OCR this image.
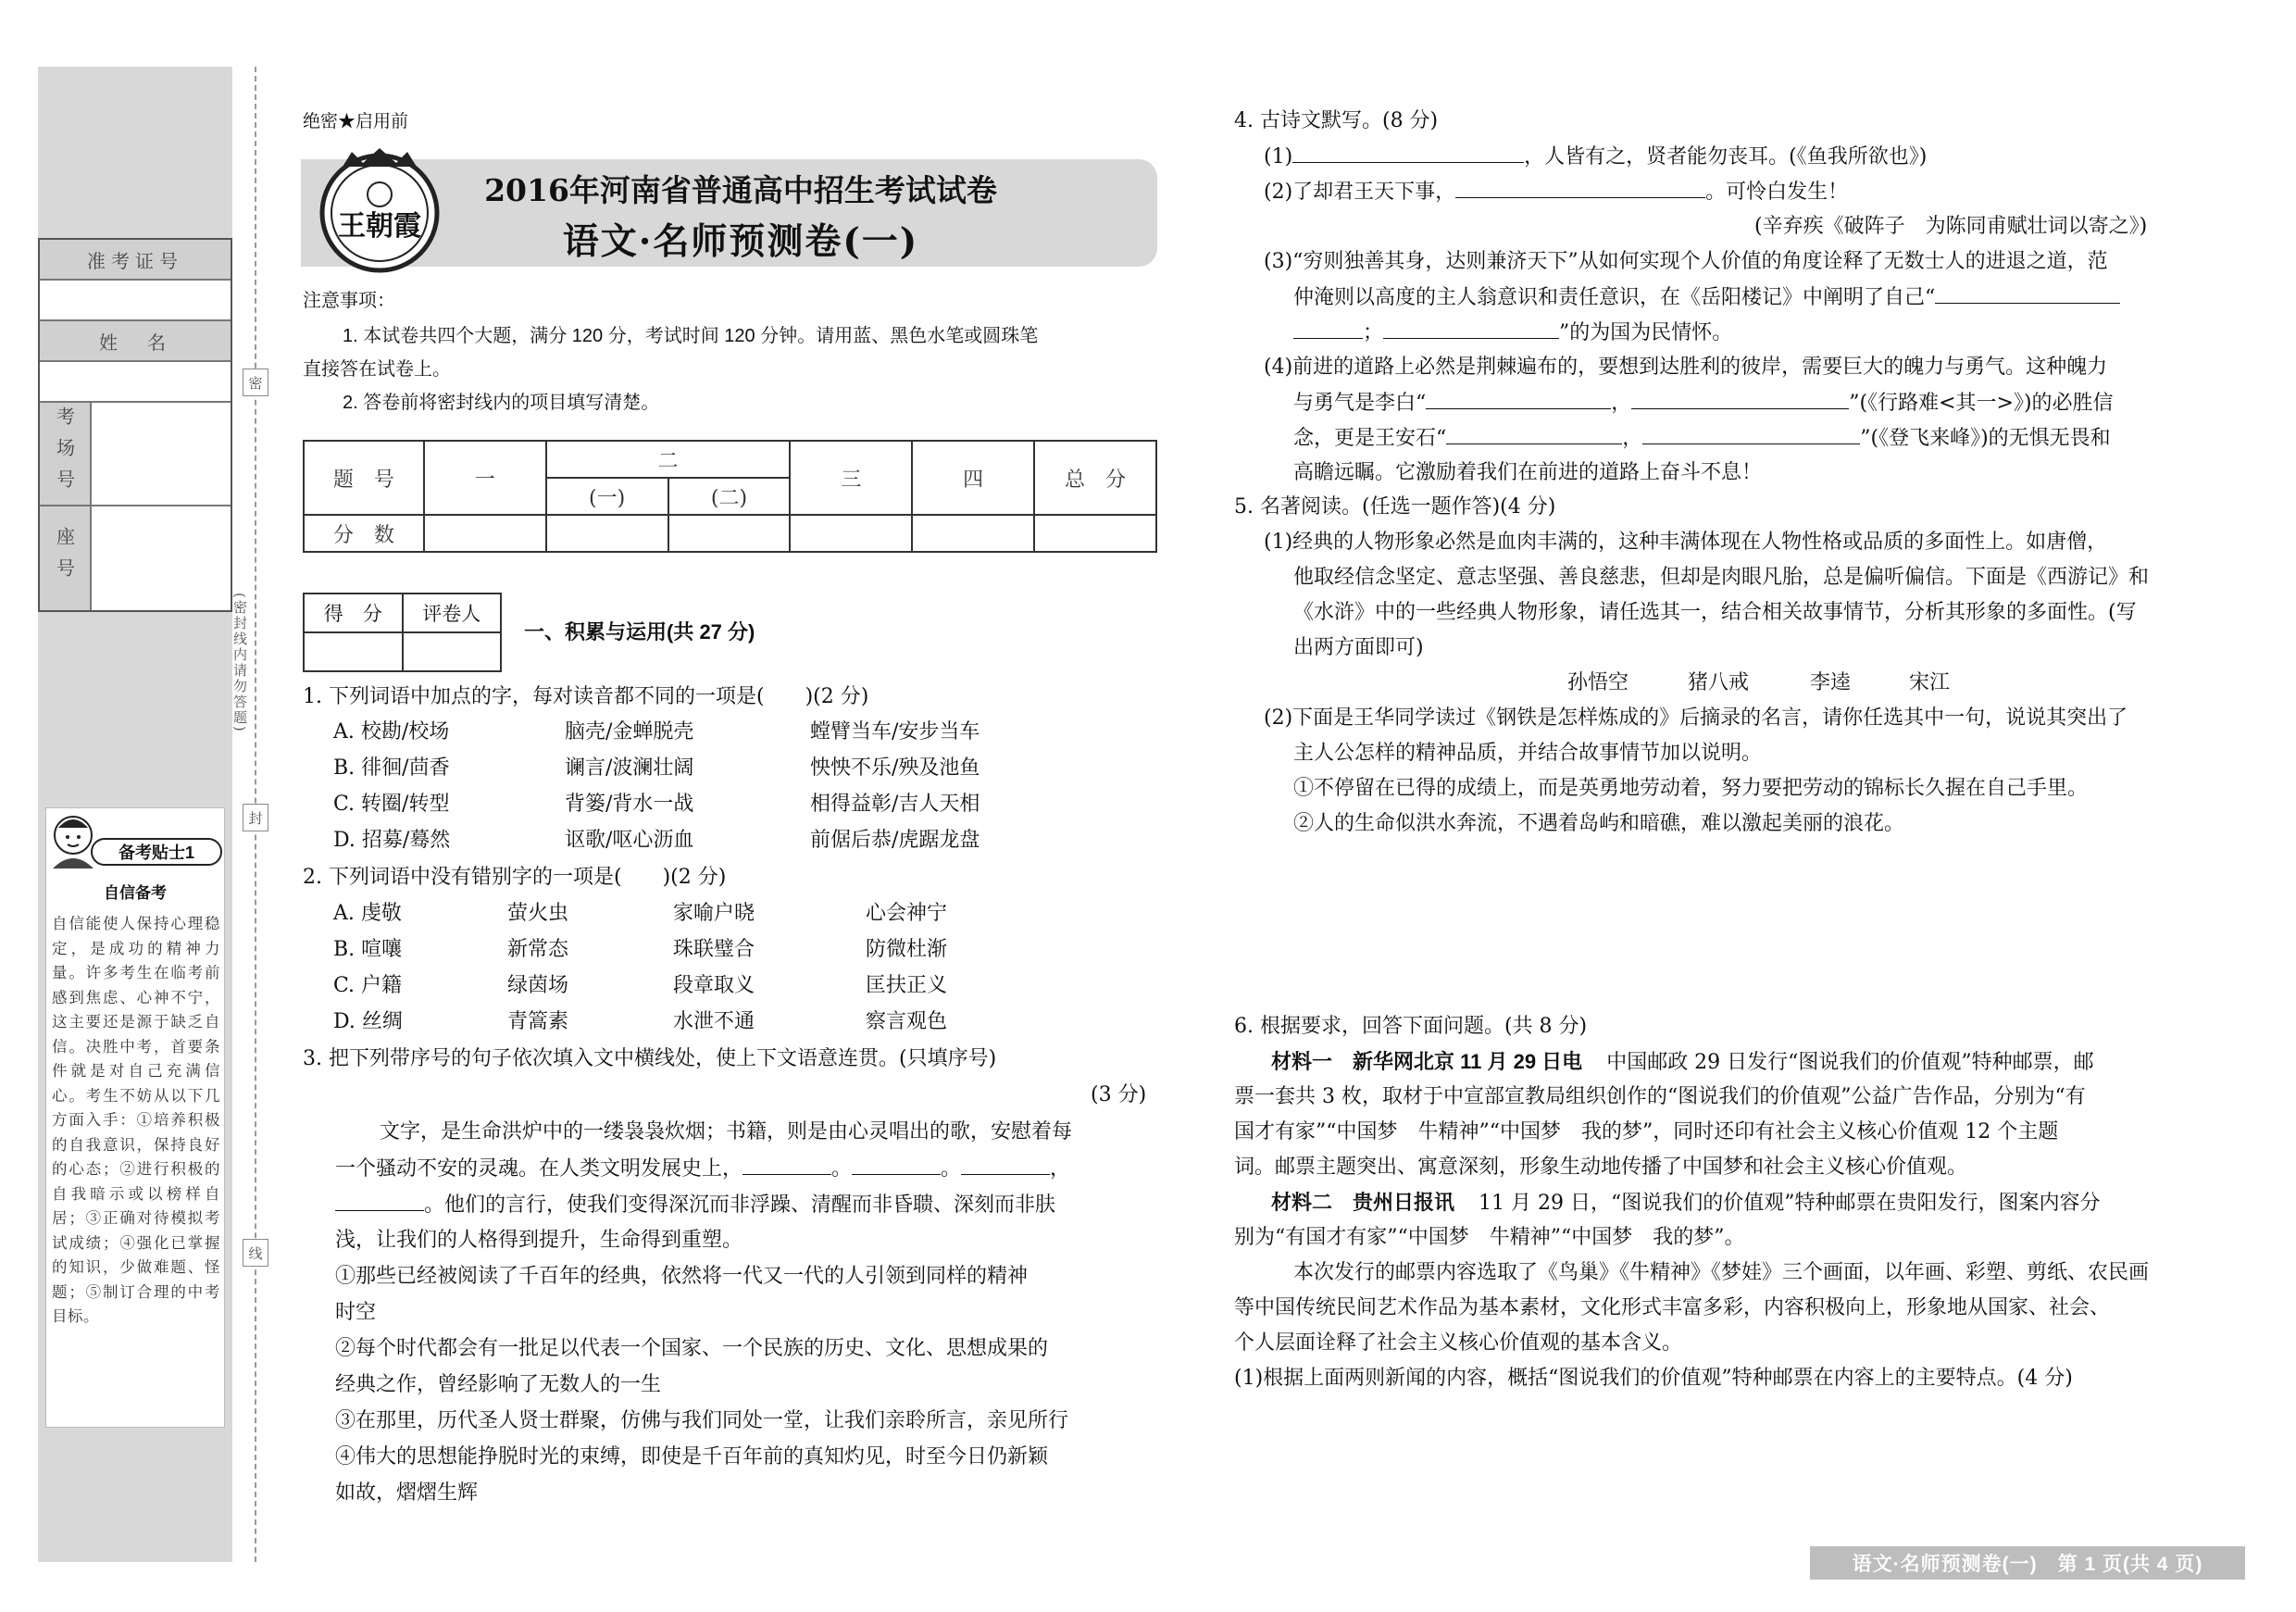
准考证号
姓　名
考场号
座号
密
封
线
(密封线内请勿答题)
备考贴士1
自信备考
自信能使人保持心理稳定，是成功的精神力量。许多考生在临考前感到焦虑、心神不宁，这主要还是源于缺乏自信。决胜中考，首要条件就是对自己充满信心。考生不妨从以下几方面入手：①培养积极的自我意识，保持良好的心态；②进行积极的自我暗示或以榜样自居；③正确对待模拟考试成绩；④强化已掌握的知识，少做难题、怪题；⑤制订合理的中考目标。
绝密★启用前
王朝霞
2016年河南省普通高中招生考试试卷
语文·名师预测卷(一)
注意事项：
1. 本试卷共四个大题，满分 120 分，考试时间 120 分钟。请用蓝、黑色水笔或圆珠笔
直接答在试卷上。
2. 答卷前将密封线内的项目填写清楚。
题　号	一	二		三	四	总　分
		(一)	(二)			
分　数						
得　分	评卷人

一、积累与运用(共 27 分)
1. 下列词语中加点的字，每对读音都不同的一项是(　　)(2 分)
A. 校勘/校场	脑壳/金蝉脱壳	螳臂当车/安步当车
B. 徘徊/茴香	谰言/波澜壮阔	怏怏不乐/殃及池鱼
C. 转圈/转型	背篓/背水一战	相得益彰/吉人天相
D. 招募/蓦然	讴歌/呕心沥血	前倨后恭/虎踞龙盘
2. 下列词语中没有错别字的一项是(　　)(2 分)
A. 虔敬	萤火虫	家喻户晓	心会神宁
B. 喧嚷	新常态	珠联璧合	防微杜渐
C. 户籍	绿茵场	段章取义	匡扶正义
D. 丝绸	青篙素	水泄不通	察言观色
3. 把下列带序号的句子依次填入文中横线处，使上下文语意连贯。(只填序号)
(3 分)
文字，是生命洪炉中的一缕袅袅炊烟；书籍，则是由心灵唱出的歌，安慰着每
一个骚动不安的灵魂。在人类文明发展史上，	。	。	，
。他们的言行，使我们变得深沉而非浮躁、清醒而非昏聩、深刻而非肤
浅，让我们的人格得到提升，生命得到重塑。
①那些已经被阅读了千百年的经典，依然将一代又一代的人引领到同样的精神
时空
②每个时代都会有一批足以代表一个国家、一个民族的历史、文化、思想成果的
经典之作，曾经影响了无数人的一生
③在那里，历代圣人贤士群聚，仿佛与我们同处一堂，让我们亲聆所言，亲见所行
④伟大的思想能挣脱时光的束缚，即使是千百年前的真知灼见，时至今日仍新颖
如故，熠熠生辉
4. 古诗文默写。(8 分)
(1)	，人皆有之，贤者能勿丧耳。(《鱼我所欲也》)
(2)了却君王天下事，	。可怜白发生！
(辛弃疾《破阵子　为陈同甫赋壮词以寄之》)
(3)“穷则独善其身，达则兼济天下”从如何实现个人价值的角度诠释了无数士人的进退之道，范
仲淹则以高度的主人翁意识和责任意识，在《岳阳楼记》中阐明了自己“
；	”的为国为民情怀。
(4)前进的道路上必然是荆棘遍布的，要想到达胜利的彼岸，需要巨大的魄力与勇气。这种魄力
与勇气是李白“	，	”(《行路难<其一>》)的必胜信
念，更是王安石“	，	”(《登飞来峰》)的无惧无畏和
高瞻远瞩。它激励着我们在前进的道路上奋斗不息！
5. 名著阅读。(任选一题作答)(4 分)
(1)经典的人物形象必然是血肉丰满的，这种丰满体现在人物性格或品质的多面性上。如唐僧，
他取经信念坚定、意志坚强、善良慈悲，但却是肉眼凡胎，总是偏听偏信。下面是《西游记》和
《水浒》中的一些经典人物形象，请任选其一，结合相关故事情节，分析其形象的多面性。(写
出两方面即可)
孙悟空	猪八戒	李逵	宋江
(2)下面是王华同学读过《钢铁是怎样炼成的》后摘录的名言，请你任选其中一句，说说其突出了
主人公怎样的精神品质，并结合故事情节加以说明。
①不停留在已得的成绩上，而是英勇地劳动着，努力要把劳动的锦标长久握在自己手里。
②人的生命似洪水奔流，不遇着岛屿和暗礁，难以激起美丽的浪花。
6. 根据要求，回答下面问题。(共 8 分)
材料一　新华网北京 11 月 29 日电 中国邮政 29 日发行“图说我们的价值观”特种邮票，邮
票一套共 3 枚，取材于中宣部宣教局组织创作的“图说我们的价值观”公益广告作品，分别为“有
国才有家”“中国梦　牛精神”“中国梦　我的梦”，同时还印有社会主义核心价值观 12 个主题
词。邮票主题突出、寓意深刻，形象生动地传播了中国梦和社会主义核心价值观。
材料二　贵州日报讯 11 月 29 日，“图说我们的价值观”特种邮票在贵阳发行，图案内容分
别为“有国才有家”“中国梦　牛精神”“中国梦　我的梦”。
本次发行的邮票内容选取了《鸟巢》《牛精神》《梦娃》三个画面，以年画、彩塑、剪纸、农民画
等中国传统民间艺术作品为基本素材，文化形式丰富多彩，内容积极向上，形象地从国家、社会、
个人层面诠释了社会主义核心价值观的基本含义。
(1)根据上面两则新闻的内容，概括“图说我们的价值观”特种邮票在内容上的主要特点。(4 分)
语文·名师预测卷(一)　第 1 页(共 4 页)
